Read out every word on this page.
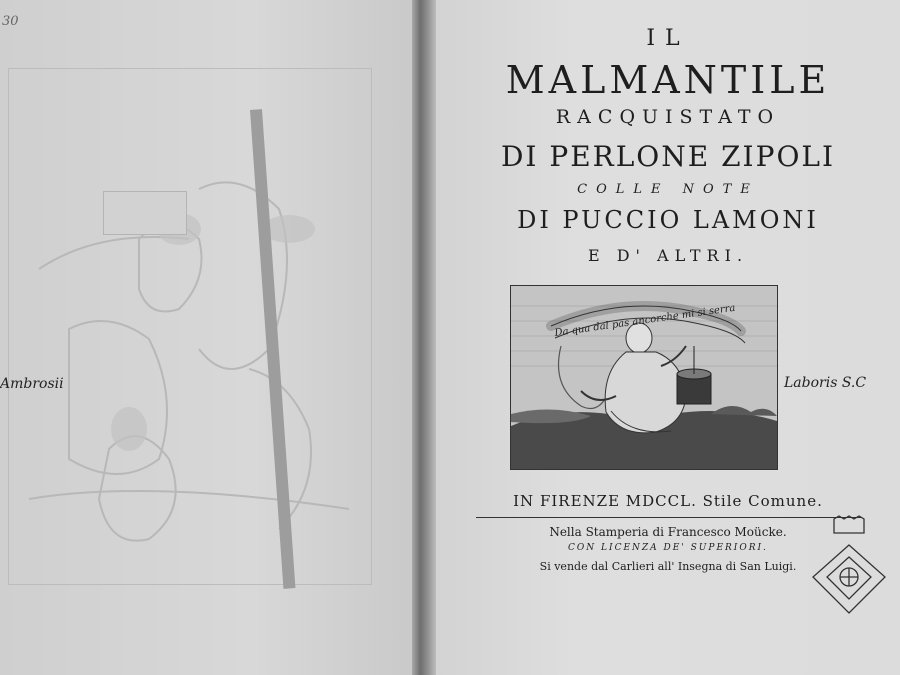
30
IL
MALMANTILE
RACQUISTATO
DI PERLONE ZIPOLI
COLLE NOTE
DI PUCCIO LAMONI
E D' ALTRI.
Da qua dal pas ancorche mi si serra
IN FIRENZE MDCCL. Stile Comune.
Nella Stamperia di Francesco Moücke.
CON LICENZA DE' SUPERIORI.
Si vende dal Carlieri all' Insegna di San Luigi.
Ambrosii	Laboris S.C
